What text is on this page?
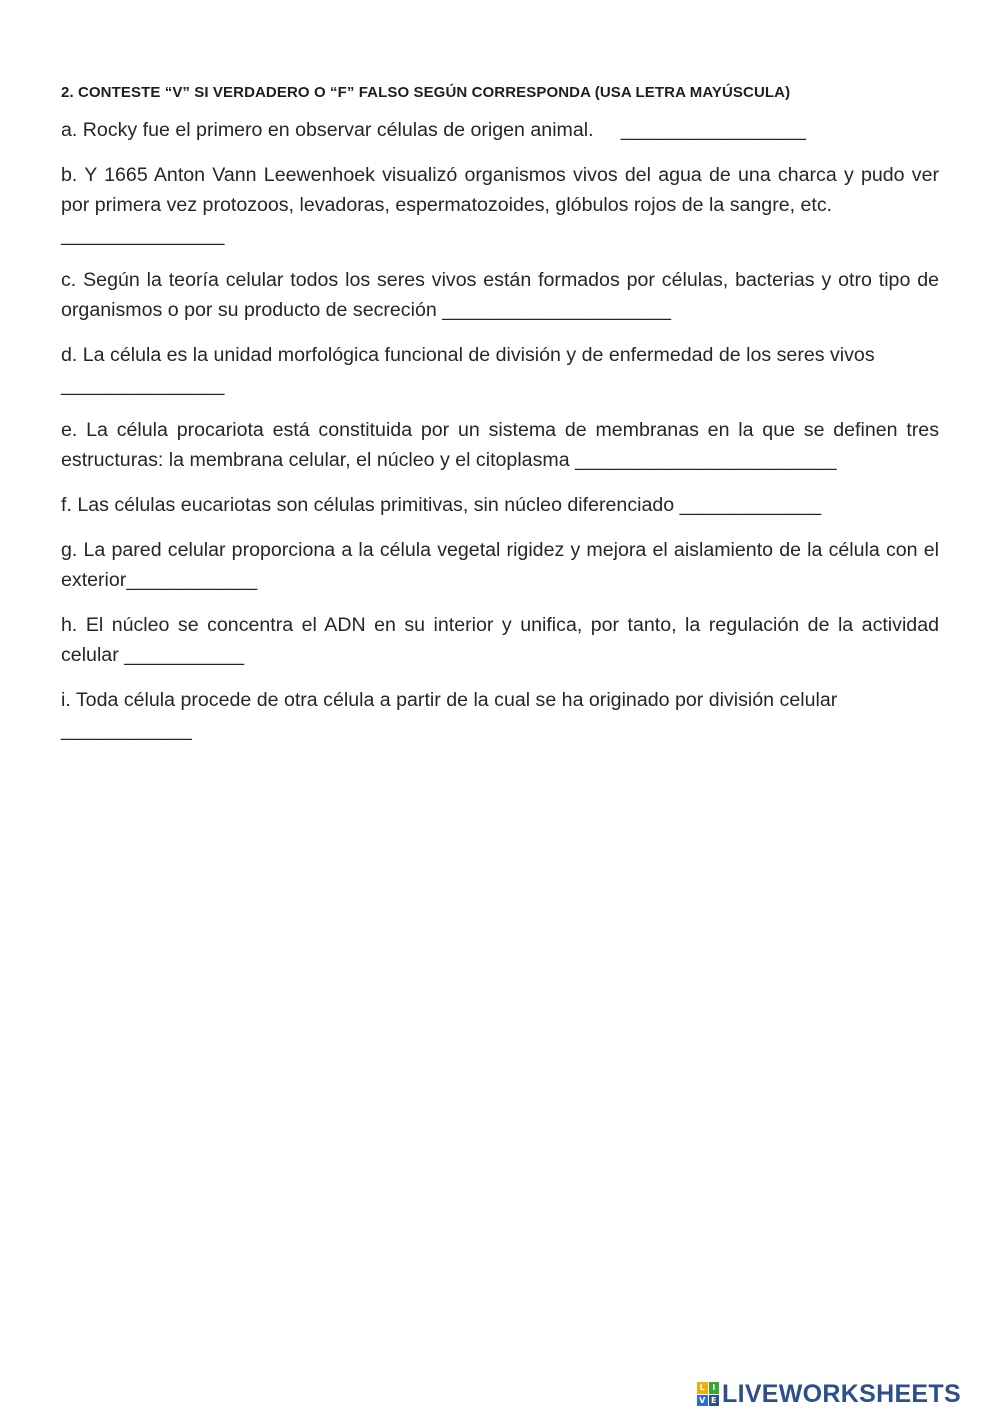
2. CONTESTE “V” SI VERDADERO O “F” FALSO SEGÚN CORRESPONDA (USA LETRA MAYÚSCULA)

a. Rocky fue el primero en observar células de origen animal. _________________

b. Y 1665 Anton Vann Leewenhoek visualizó organismos vivos del agua de una charca y pudo ver por primera vez protozoos, levadoras, espermatozoides, glóbulos rojos de la sangre, etc.
_______________

c. Según la teoría celular todos los seres vivos están formados por células, bacterias y otro tipo de organismos o por su producto de secreción _____________________

d. La célula es la unidad morfológica funcional de división y de enfermedad de los seres vivos
_______________

e. La célula procariota está constituida por un sistema de membranas en la que se definen tres estructuras: la membrana celular, el núcleo y el citoplasma ________________________

f. Las células eucariotas son células primitivas, sin núcleo diferenciado _____________

g. La pared celular proporciona a la célula vegetal rigidez y mejora el aislamiento de la célula con el exterior____________

h. El núcleo se concentra el ADN en su interior y unifica, por tanto, la regulación de la actividad celular ___________

i. Toda célula procede de otra célula a partir de la cual se ha originado por división celular
____________

L I
V E LIVEWORKSHEETS
